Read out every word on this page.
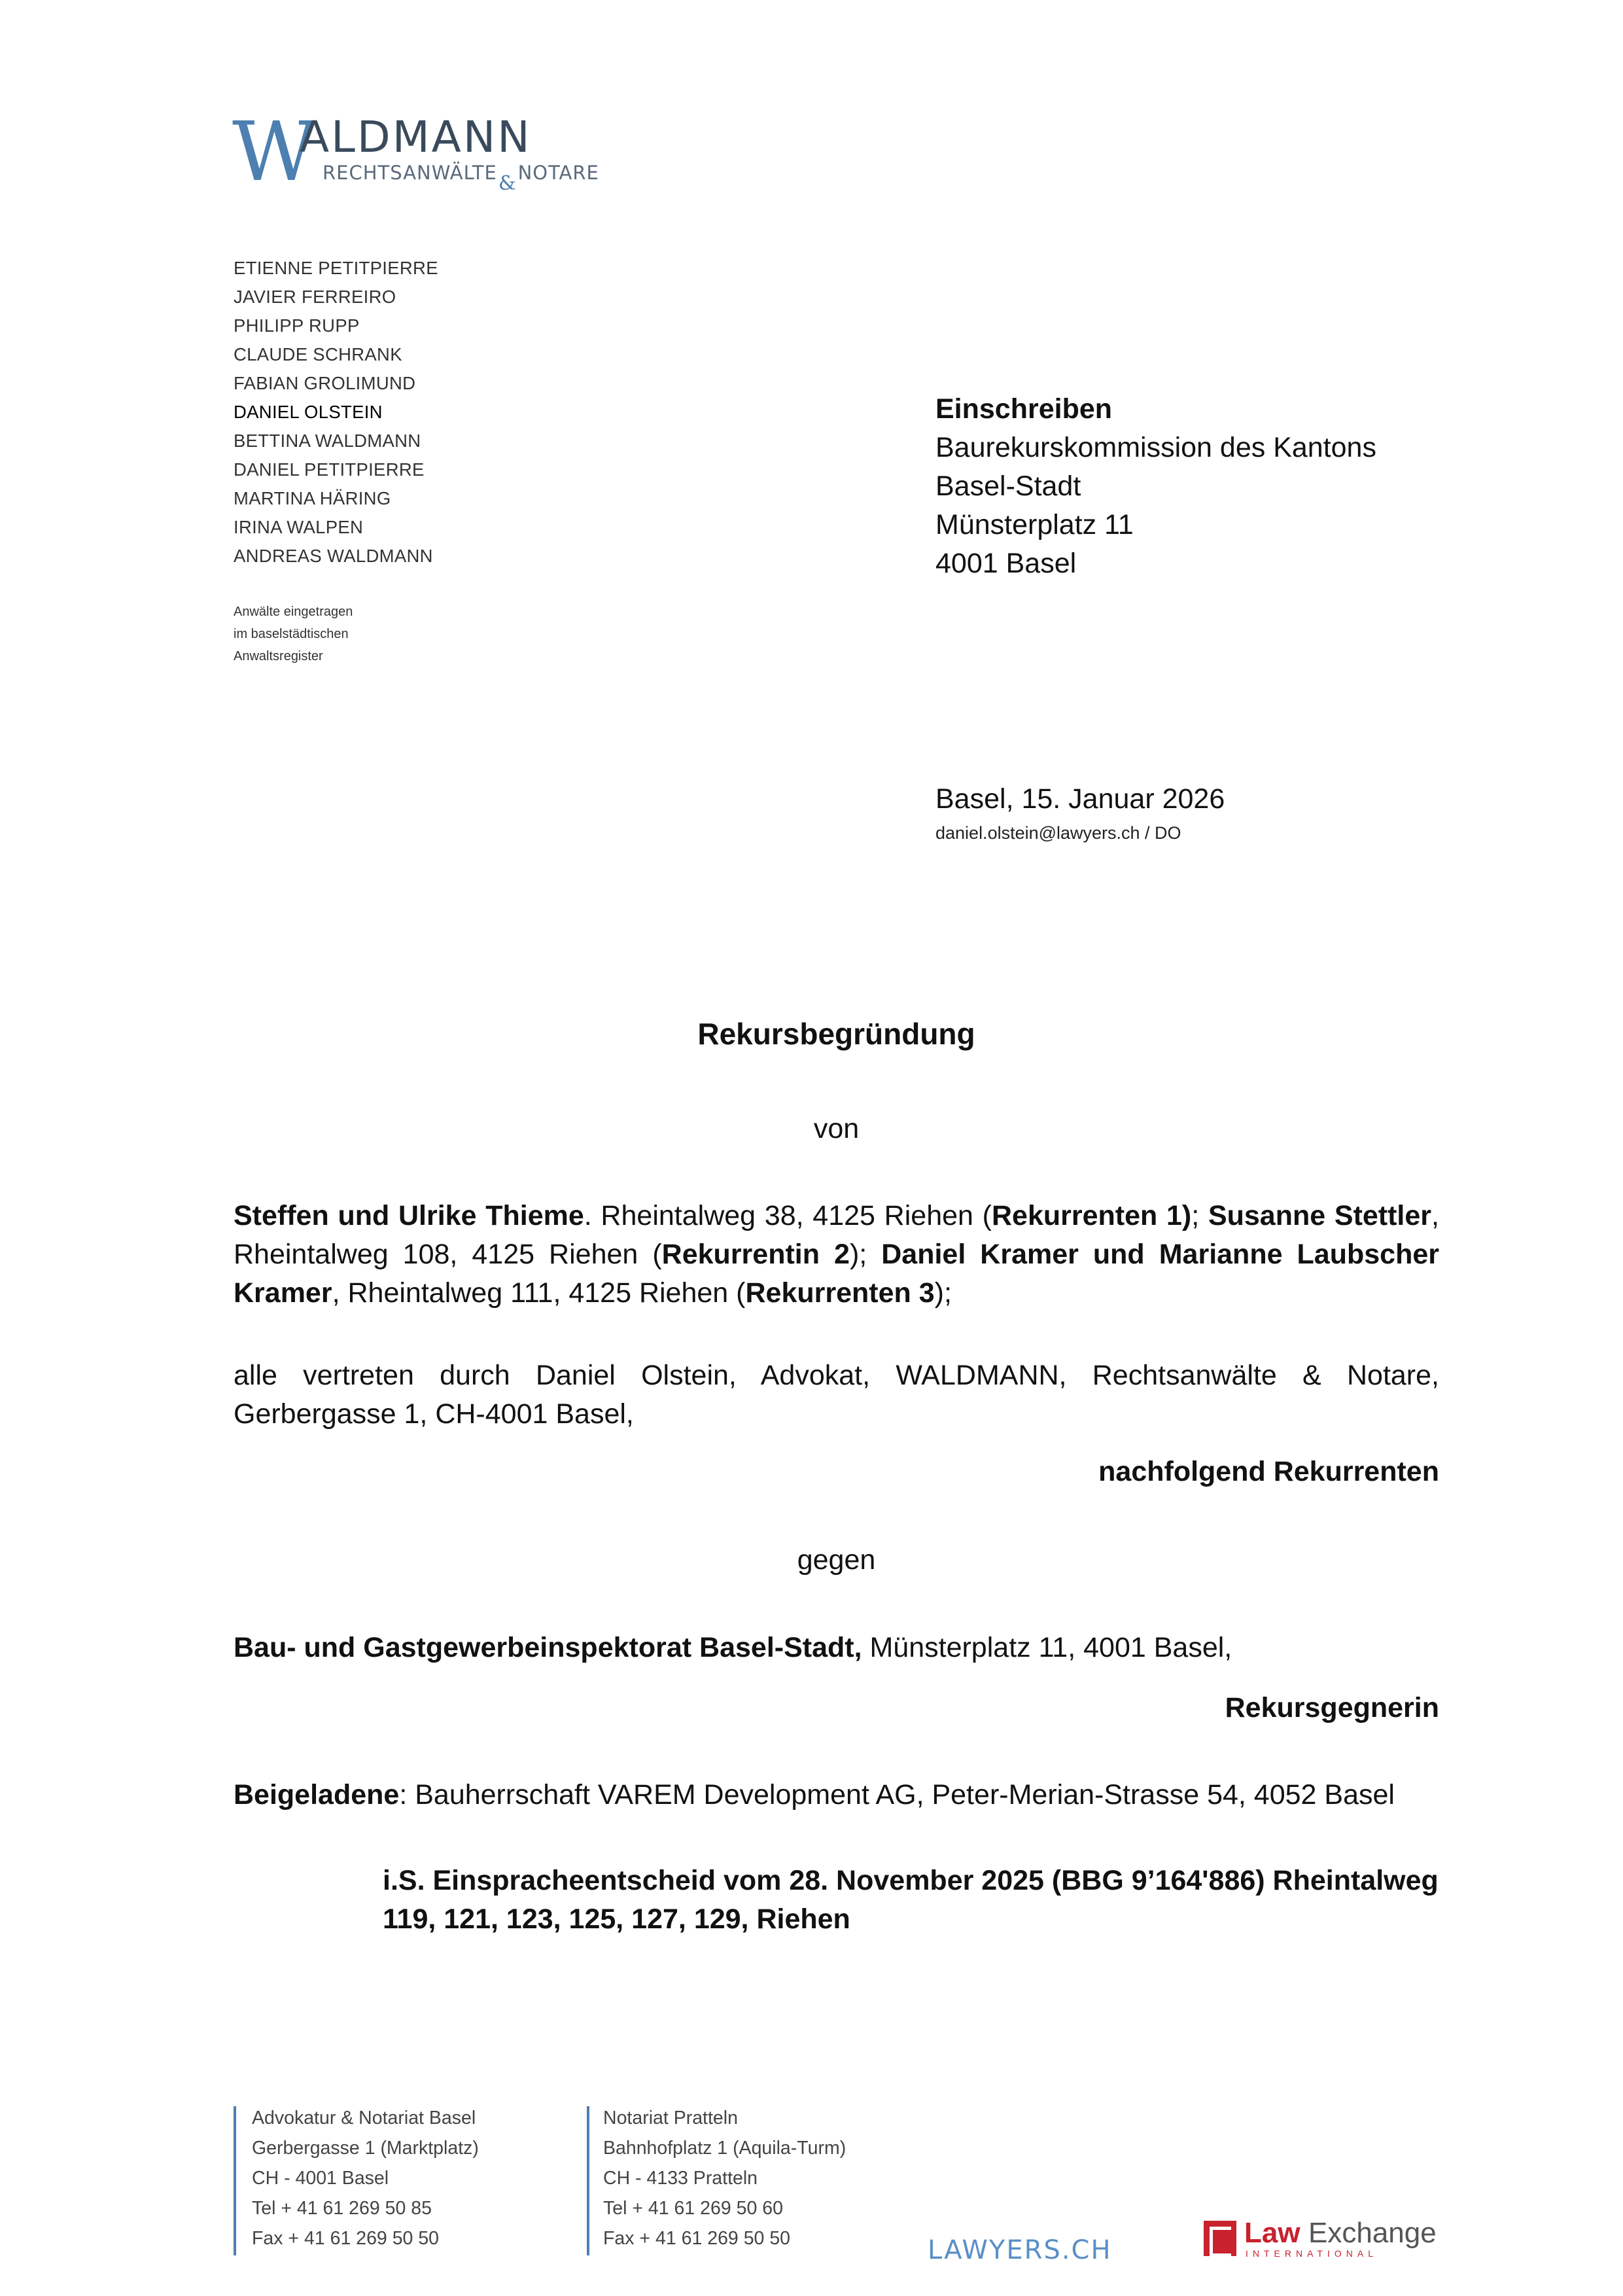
W
ALDMANN
RECHTSANWÄLTE&NOTARE
ETIENNE PETITPIERRE
JAVIER FERREIRO
PHILIPP RUPP
CLAUDE SCHRANK
FABIAN GROLIMUND
DANIEL OLSTEIN
BETTINA WALDMANN
DANIEL PETITPIERRE
MARTINA HÄRING
IRINA WALPEN
ANDREAS WALDMANN
Anwälte eingetragen
im baselstädtischen
Anwaltsregister
Einschreiben
Baurekurskommission des Kantons
Basel-Stadt
Münsterplatz 11
4001 Basel
Basel, 15. Januar 2026
daniel.olstein@lawyers.ch / DO
Rekursbegründung
von
Steffen und Ulrike Thieme. Rheintalweg 38, 4125 Riehen (Rekurrenten 1); Susanne Stettler, Rheintalweg 108, 4125 Riehen (Rekurrentin 2); Daniel Kramer und Marianne Laubscher Kramer, Rheintalweg 111, 4125 Riehen (Rekurrenten 3);
alle vertreten durch Daniel Olstein, Advokat, WALDMANN, Rechtsanwälte & Notare, Gerbergasse 1, CH-4001 Basel,
nachfolgend Rekurrenten
gegen
Bau- und Gastgewerbeinspektorat Basel-Stadt, Münsterplatz 11, 4001 Basel,
Rekursgegnerin
Beigeladene: Bauherrschaft VAREM Development AG, Peter-Merian-Strasse 54, 4052 Basel
i.S. Einspracheentscheid vom 28. November 2025 (BBG 9’164'886) Rheintalweg 119, 121, 123, 125, 127, 129, Riehen
Advokatur & Notariat Basel
Gerbergasse 1 (Marktplatz)
CH - 4001 Basel
Tel + 41 61 269 50 85
Fax + 41 61 269 50 50
Notariat Pratteln
Bahnhofplatz 1 (Aquila-Turm)
CH - 4133 Pratteln
Tel + 41 61 269 50 60
Fax + 41 61 269 50 50	LAWYERS.CH
Law Exchange
INTERNATIONAL
